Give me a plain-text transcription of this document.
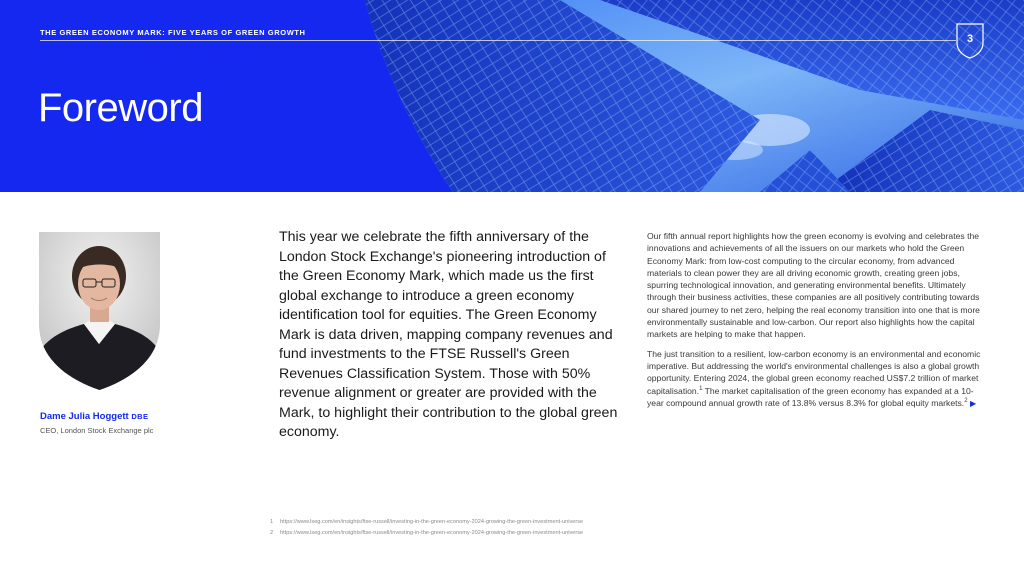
THE GREEN ECONOMY MARK: FIVE YEARS OF GREEN GROWTH
3
Foreword
Dame Julia Hoggett DBE
CEO, London Stock Exchange plc

This year we celebrate the fifth anniversary of the London Stock Exchange's pioneering introduction of the Green Economy Mark, which made us the first global exchange to introduce a green economy identification tool for equities. The Green Economy Mark is data driven, mapping company revenues and fund investments to the FTSE Russell's Green Revenues Classification System. Those with 50% revenue alignment or greater are provided with the Mark, to highlight their contribution to the global green economy.

Our fifth annual report highlights how the green economy is evolving and celebrates the innovations and achievements of all the issuers on our markets who hold the Green Economy Mark: from low-cost computing to the circular economy, from advanced materials to clean power they are all driving economic growth, creating green jobs, spurring technological innovation, and generating environmental benefits. Ultimately through their business activities, these companies are all positively contributing towards our shared journey to net zero, helping the real economy transition into one that is more environmentally sustainable and low-carbon. Our report also highlights how the capital markets are helping to make that happen.

The just transition to a resilient, low-carbon economy is an environmental and economic imperative. But addressing the world's environmental challenges is also a global growth opportunity. Entering 2024, the global green economy reached US$7.2 trillion of market capitalisation.$^1$ The market capitalisation of the green economy has expanded at a 10-year compound annual growth rate of 13.8% versus 8.3% for global equity markets.$^2$ ▶

1 https://www.lseg.com/en/insights/ftse-russell/investing-in-the-green-economy-2024-growing-the-green-investment-universe
2 https://www.lseg.com/en/insights/ftse-russell/investing-in-the-green-economy-2024-growing-the-green-investment-universe
